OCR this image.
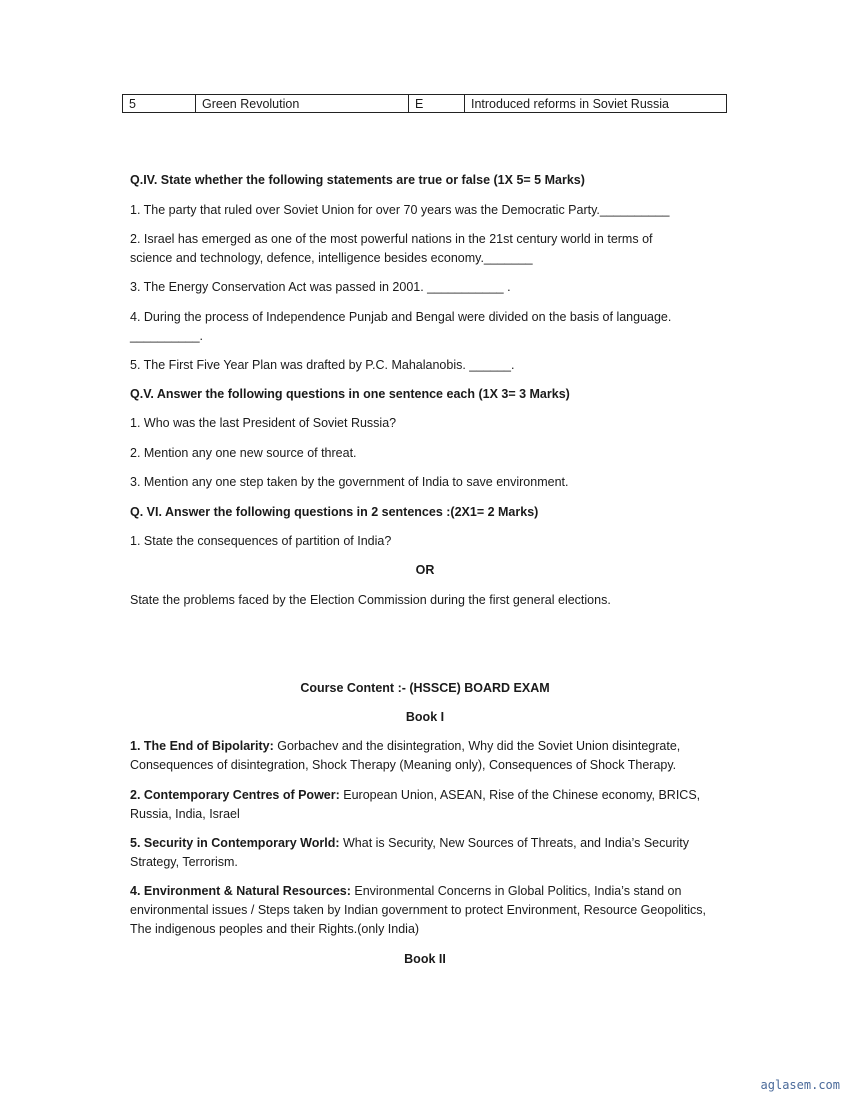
5	Green Revolution	E	Introduced reforms in Soviet Russia
Q.IV. State whether the following statements are true or false (1X 5= 5 Marks)
1. The party that ruled over Soviet Union for over 70 years was the Democratic Party.__________
2. Israel has emerged as one of the most powerful nations in the 21st century world in terms of
science and technology, defence, intelligence besides economy._______
3. The Energy Conservation Act was passed in 2001. ___________ .
4. During the process of Independence Punjab and Bengal were divided on the basis of language.
__________.
5. The First Five Year Plan was drafted by P.C. Mahalanobis. ______.
Q.V. Answer the following questions in one sentence each (1X 3= 3 Marks)
1. Who was the last President of Soviet Russia?
2. Mention any one new source of threat.
3. Mention any one step taken by the government of India to save environment.
Q. VI. Answer the following questions in 2 sentences :(2X1= 2 Marks)
1. State the consequences of partition of India?
OR
State the problems faced by the Election Commission during the first general elections.
Course Content :- (HSSCE) BOARD EXAM
Book I
1. The End of Bipolarity: Gorbachev and the disintegration, Why did the Soviet Union disintegrate, Consequences of disintegration, Shock Therapy (Meaning only), Consequences of Shock Therapy.
2. Contemporary Centres of Power: European Union, ASEAN, Rise of the Chinese economy, BRICS, Russia, India, Israel
5. Security in Contemporary World: What is Security, New Sources of Threats, and India’s Security Strategy, Terrorism.
4. Environment & Natural Resources: Environmental Concerns in Global Politics, India’s stand on environmental issues / Steps taken by Indian government to protect Environment, Resource Geopolitics, The indigenous peoples and their Rights.(only India)
Book II
aglasem.com
